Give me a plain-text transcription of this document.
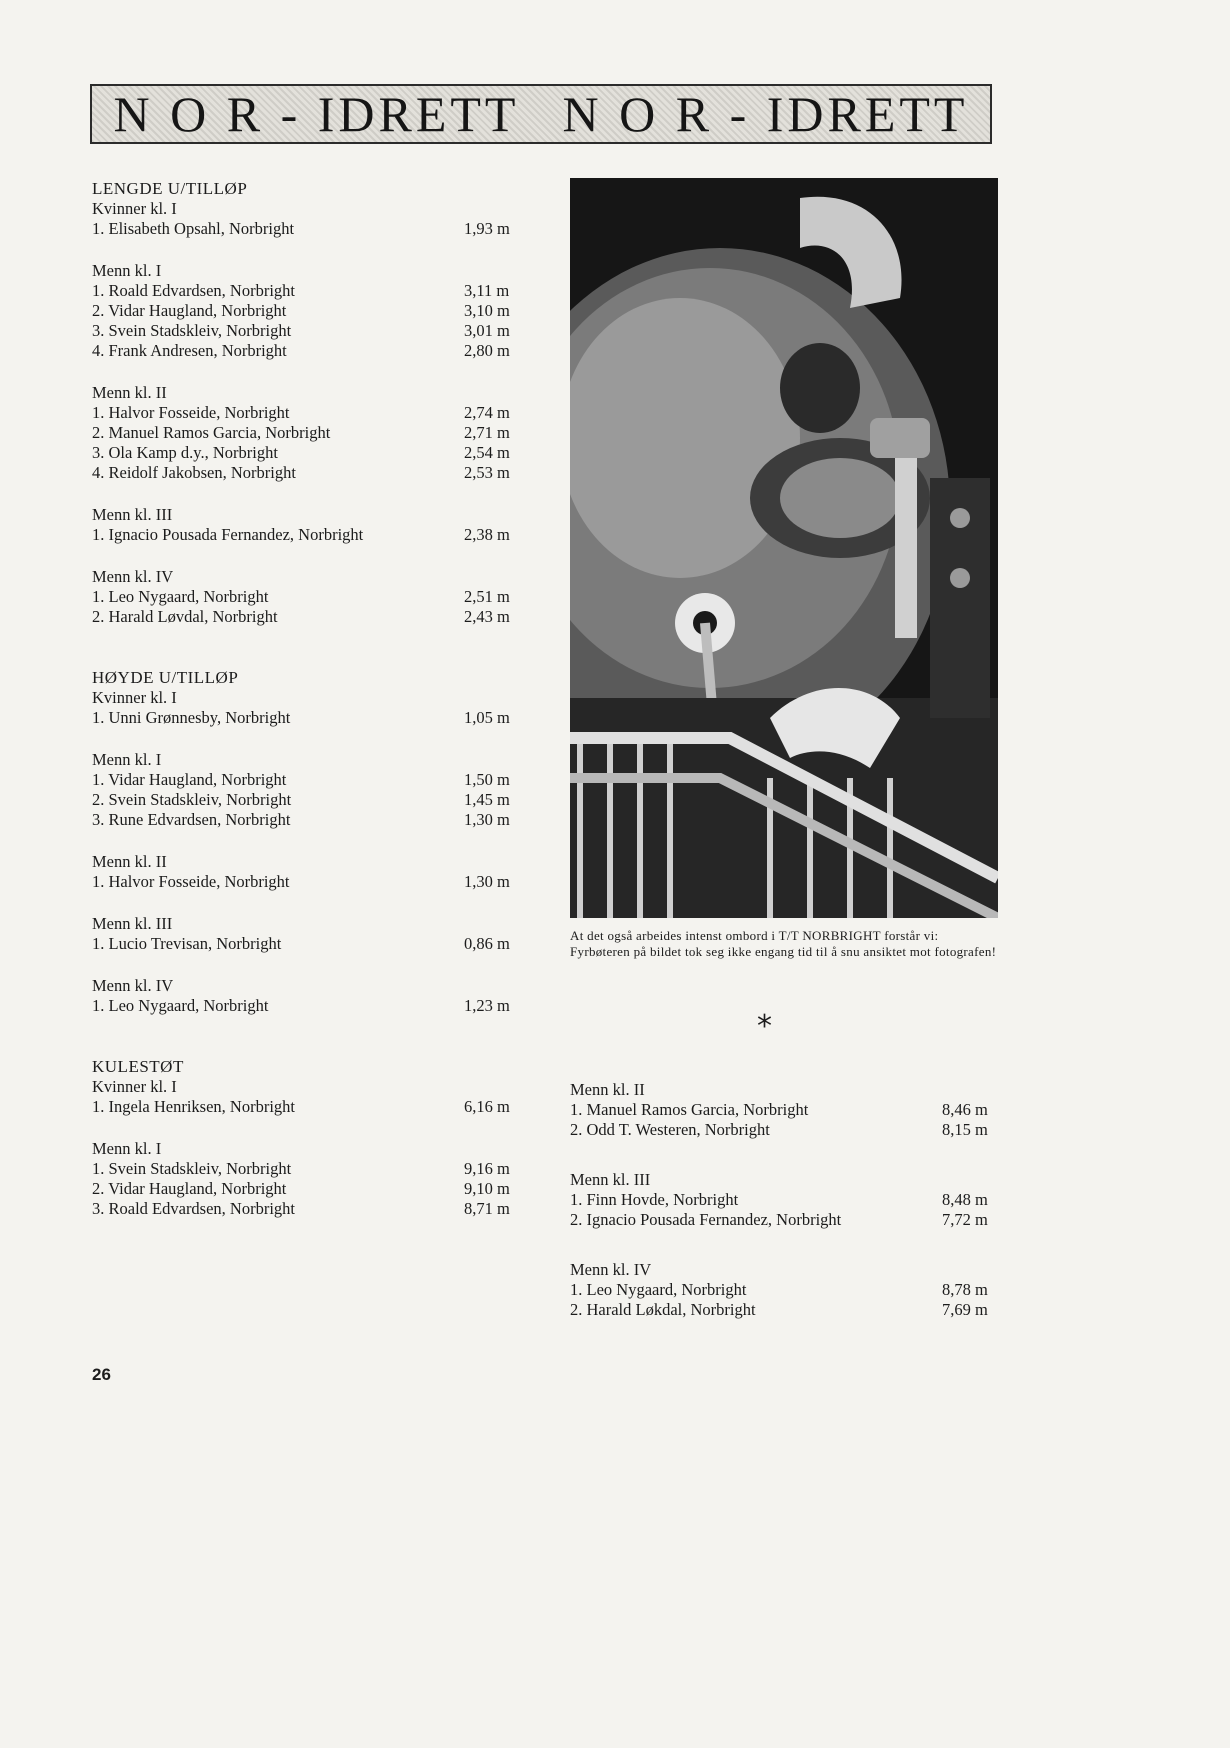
N O R - IDRETT N O R - IDRETT
LENGDE U/TILLØP
Kvinner kl. I
1. Elisabeth Opsahl, Norbright	1,93 m
Menn kl. I
1. Roald Edvardsen, Norbright	3,11 m
2. Vidar Haugland, Norbright	3,10 m
3. Svein Stadskleiv, Norbright	3,01 m
4. Frank Andresen, Norbright	2,80 m
Menn kl. II
1. Halvor Fosseide, Norbright	2,74 m
2. Manuel Ramos Garcia, Norbright	2,71 m
3. Ola Kamp d.y., Norbright	2,54 m
4. Reidolf Jakobsen, Norbright	2,53 m
Menn kl. III
1. Ignacio Pousada Fernandez, Norbright	2,38 m
Menn kl. IV
1. Leo Nygaard, Norbright	2,51 m
2. Harald Løvdal, Norbright	2,43 m
HØYDE U/TILLØP
Kvinner kl. I
1. Unni Grønnesby, Norbright	1,05 m
Menn kl. I
1. Vidar Haugland, Norbright	1,50 m
2. Svein Stadskleiv, Norbright	1,45 m
3. Rune Edvardsen, Norbright	1,30 m
Menn kl. II
1. Halvor Fosseide, Norbright	1,30 m
Menn kl. III
1. Lucio Trevisan, Norbright	0,86 m
Menn kl. IV
1. Leo Nygaard, Norbright	1,23 m
KULESTØT
Kvinner kl. I
1. Ingela Henriksen, Norbright	6,16 m
Menn kl. I
1. Svein Stadskleiv, Norbright	9,16 m
2. Vidar Haugland, Norbright	9,10 m
3. Roald Edvardsen, Norbright	8,71 m
26
At det også arbeides intenst ombord i T/T NORBRIGHT forstår vi: Fyrbøteren på bildet tok seg ikke engang tid til å snu ansiktet mot fotografen!
*
Menn kl. II
1. Manuel Ramos Garcia, Norbright	8,46 m
2. Odd T. Westeren, Norbright	8,15 m
Menn kl. III
1. Finn Hovde, Norbright	8,48 m
2. Ignacio Pousada Fernandez, Norbright	7,72 m
Menn kl. IV
1. Leo Nygaard, Norbright	8,78 m
2. Harald Løkdal, Norbright	7,69 m
